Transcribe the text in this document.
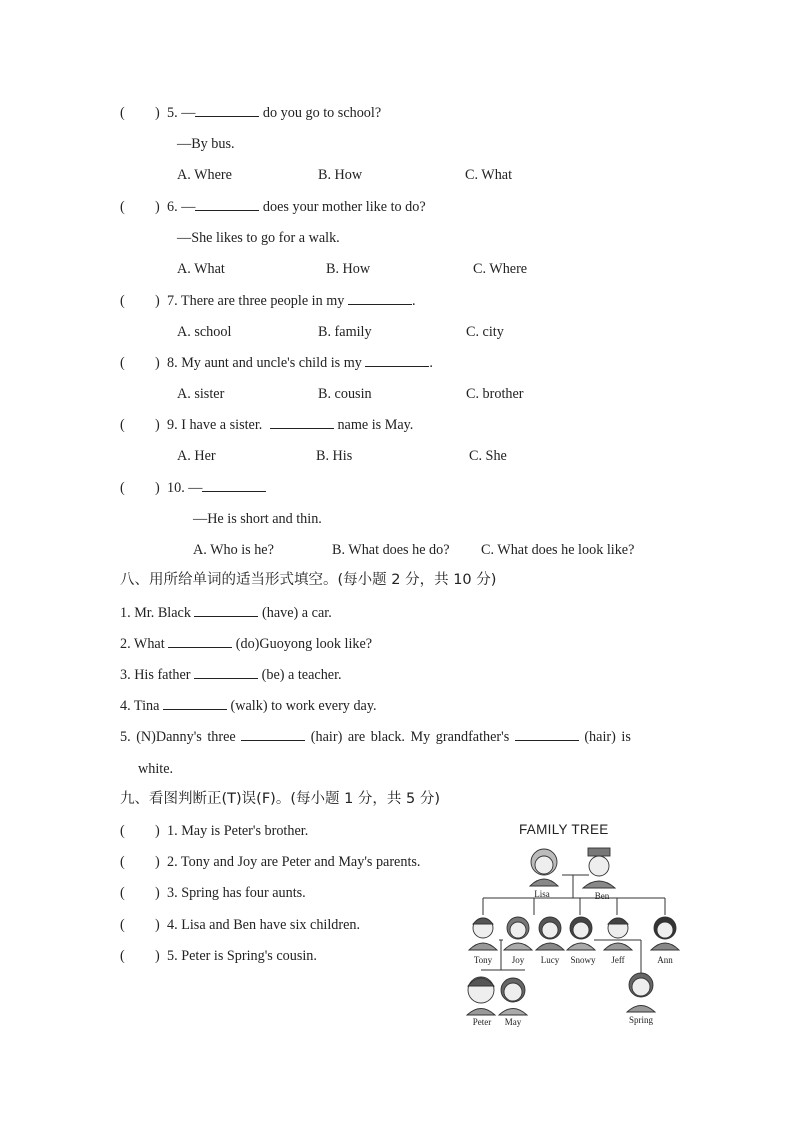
( ) 5. —	do you go to school?
—By bus.
A. Where	B. How	C. What
( ) 6. —	does your mother like to do?
—She likes to go for a walk.
A. What	B. How	C. Where
( ) 7. There are three people in my	.
A. school	B. family	C. city
( ) 8. My aunt and uncle's child is my	.
A. sister	B. cousin	C. brother
( ) 9. I have a sister.	name is May.
A. Her	B. His	C. She
( ) 10. —
—He is short and thin.
A. Who is he?	B. What does he do? C. What does he look like?
八、用所给单词的适当形式填空。(每小题 2 分，共 10 分)
1. Mr. Black	(have) a car.
2. What	(do)Guoyong look like?
3. His father	(be) a teacher.
4. Tina	(walk) to work every day.
5. (N)Danny's three	(hair) are black. My grandfather's	(hair) is
white.
九、看图判断正(T)误(F)。(每小题 1 分，共 5 分)
( ) 1. May is Peter's brother.
( ) 2. Tony and Joy are Peter and May's parents.
( ) 3. Spring has four aunts.
( ) 4. Lisa and Ben have six children.
( ) 5. Peter is Spring's cousin.
FAMILY TREE
Lisa	Ben
Tony	Joy	Lucy	Snowy	Jeff	Ann
Peter	May	Spring
